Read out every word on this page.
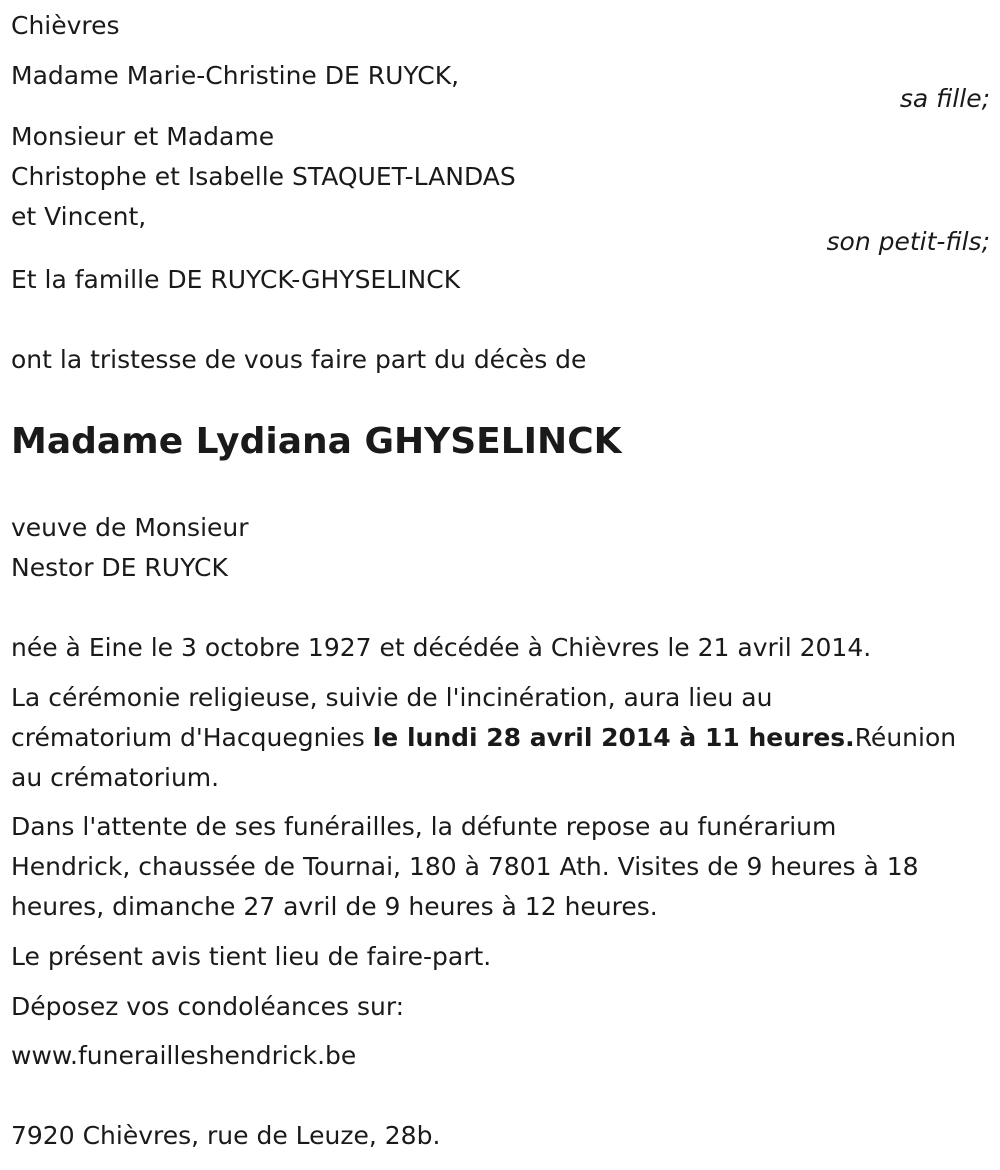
Chièvres
Madame Marie-Christine DE RUYCK,
sa fille;
Monsieur et Madame
Christophe et Isabelle STAQUET-LANDAS
et Vincent,
son petit-fils;
Et la famille DE RUYCK-GHYSELINCK
ont la tristesse de vous faire part du décès de
Madame Lydiana GHYSELINCK
veuve de Monsieur
Nestor DE RUYCK
née à Eine le 3 octobre 1927 et décédée à Chièvres le 21 avril 2014.
La cérémonie religieuse, suivie de l'incinération, aura lieu au
crématorium d'Hacquegnies le lundi 28 avril 2014 à 11 heures.Réunion
au crématorium.
Dans l'attente de ses funérailles, la défunte repose au funérarium
Hendrick, chaussée de Tournai, 180 à 7801 Ath. Visites de 9 heures à 18
heures, dimanche 27 avril de 9 heures à 12 heures.
Le présent avis tient lieu de faire-part.
Déposez vos condoléances sur:
www.funerailleshendrick.be
7920 Chièvres, rue de Leuze, 28b.
